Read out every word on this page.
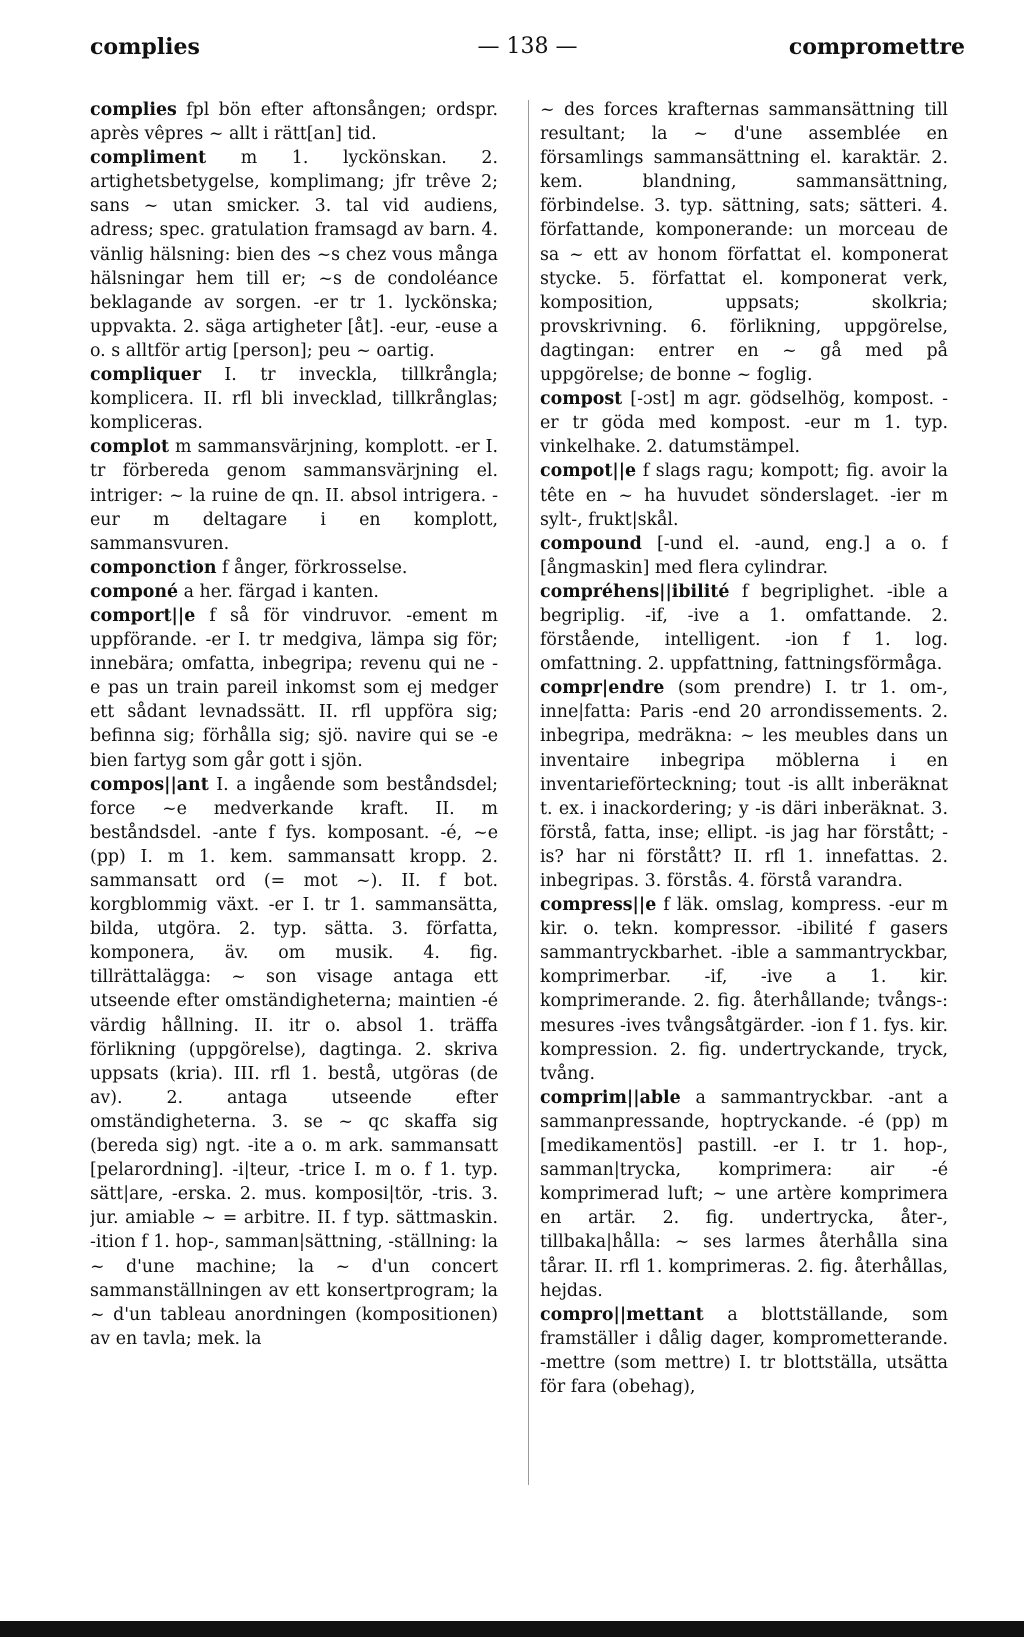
complies	— 138 —	compromettre

complies fpl bön efter aftonsången; ordspr. après vêpres ~ allt i rätt[an] tid.

compliment m 1. lyckönskan. 2. artighetsbetygelse, komplimang; jfr trêve 2; sans ~ utan smicker. 3. tal vid audiens, adress; spec. gratulation framsagd av barn. 4. vänlig hälsning: bien des ~s chez vous många hälsningar hem till er; ~s de condoléance beklagande av sorgen. -er tr 1. lyckönska; uppvakta. 2. säga artigheter [åt]. -eur, -euse a o. s alltför artig [person]; peu ~ oartig.

compliquer I. tr inveckla, tillkrångla; komplicera. II. rfl bli invecklad, tillkrånglas; kompliceras.

complot m sammansvärjning, komplott. -er I. tr förbereda genom sammansvärjning el. intriger: ~ la ruine de qn. II. absol intrigera. -eur m deltagare i en komplott, sammansvuren.

componction f ånger, förkrosselse.

componé a her. färgad i kanten.

comport||e f så för vindruvor. -ement m uppförande. -er I. tr medgiva, lämpa sig för; innebära; omfatta, inbegripa; revenu qui ne -e pas un train pareil inkomst som ej medger ett sådant levnadssätt. II. rfl uppföra sig; befinna sig; förhålla sig; sjö. navire qui se -e bien fartyg som går gott i sjön.

compos||ant I. a ingående som beståndsdel; force ~e medverkande kraft. II. m beståndsdel. -ante f fys. komposant. -é, ~e (pp) I. m 1. kem. sammansatt kropp. 2. sammansatt ord (= mot ~). II. f bot. korgblommig växt. -er I. tr 1. sammansätta, bilda, utgöra. 2. typ. sätta. 3. författa, komponera, äv. om musik. 4. fig. tillrättalägga: ~ son visage antaga ett utseende efter omständigheterna; maintien -é värdig hållning. II. itr o. absol 1. träffa förlikning (uppgörelse), dagtinga. 2. skriva uppsats (kria). III. rfl 1. bestå, utgöras (de av). 2. antaga utseende efter omständigheterna. 3. se ~ qc skaffa sig (bereda sig) ngt. -ite a o. m ark. sammansatt [pelarordning]. -i|teur, -trice I. m o. f 1. typ. sätt|are, -erska. 2. mus. komposi|tör, -tris. 3. jur. amiable ~ = arbitre. II. f typ. sättmaskin. -ition f 1. hop-, samman|sättning, -ställning: la ~ d'une machine; la ~ d'un concert sammanställningen av ett konsertprogram; la ~ d'un tableau anordningen (kompositionen) av en tavla; mek. la

~ des forces krafternas sammansättning till resultant; la ~ d'une assemblée en församlings sammansättning el. karaktär. 2. kem. blandning, sammansättning, förbindelse. 3. typ. sättning, sats; sätteri. 4. författande, komponerande: un morceau de sa ~ ett av honom författat el. komponerat stycke. 5. författat el. komponerat verk, komposition, uppsats; skolkria; provskrivning. 6. förlikning, uppgörelse, dagtingan: entrer en ~ gå med på uppgörelse; de bonne ~ foglig.

compost [-ɔst] m agr. gödselhög, kompost. -er tr göda med kompost. -eur m 1. typ. vinkelhake. 2. datumstämpel.

compot||e f slags ragu; kompott; fig. avoir la tête en ~ ha huvudet sönderslaget. -ier m sylt-, frukt|skål.

compound [-und el. -aund, eng.] a o. f [ångmaskin] med flera cylindrar.

compréhens||ibilité f begriplighet. -ible a begriplig. -if, -ive a 1. omfattande. 2. förstående, intelligent. -ion f 1. log. omfattning. 2. uppfattning, fattningsförmåga.

compr|endre (som prendre) I. tr 1. om-, inne|fatta: Paris -end 20 arrondissements. 2. inbegripa, medräkna: ~ les meubles dans un inventaire inbegripa möblerna i en inventarieförteckning; tout -is allt inberäknat t. ex. i inackordering; y -is däri inberäknat. 3. förstå, fatta, inse; ellipt. -is jag har förstått; -is? har ni förstått? II. rfl 1. innefattas. 2. inbegripas. 3. förstås. 4. förstå varandra.

compress||e f läk. omslag, kompress. -eur m kir. o. tekn. kompressor. -ibilité f gasers sammantryckbarhet. -ible a sammantryckbar, komprimerbar. -if, -ive a 1. kir. komprimerande. 2. fig. återhållande; tvångs-: mesures -ives tvångsåtgärder. -ion f 1. fys. kir. kompression. 2. fig. undertryckande, tryck, tvång.

comprim||able a sammantryckbar. -ant a sammanpressande, hoptryckande. -é (pp) m [medikamentös] pastill. -er I. tr 1. hop-, samman|trycka, komprimera: air -é komprimerad luft; ~ une artère komprimera en artär. 2. fig. undertrycka, åter-, tillbaka|hålla: ~ ses larmes återhålla sina tårar. II. rfl 1. komprimeras. 2. fig. återhållas, hejdas.

compro||mettant a blottställande, som framställer i dålig dager, komprometterande. -mettre (som mettre) I. tr blottställa, utsätta för fara (obehag),
